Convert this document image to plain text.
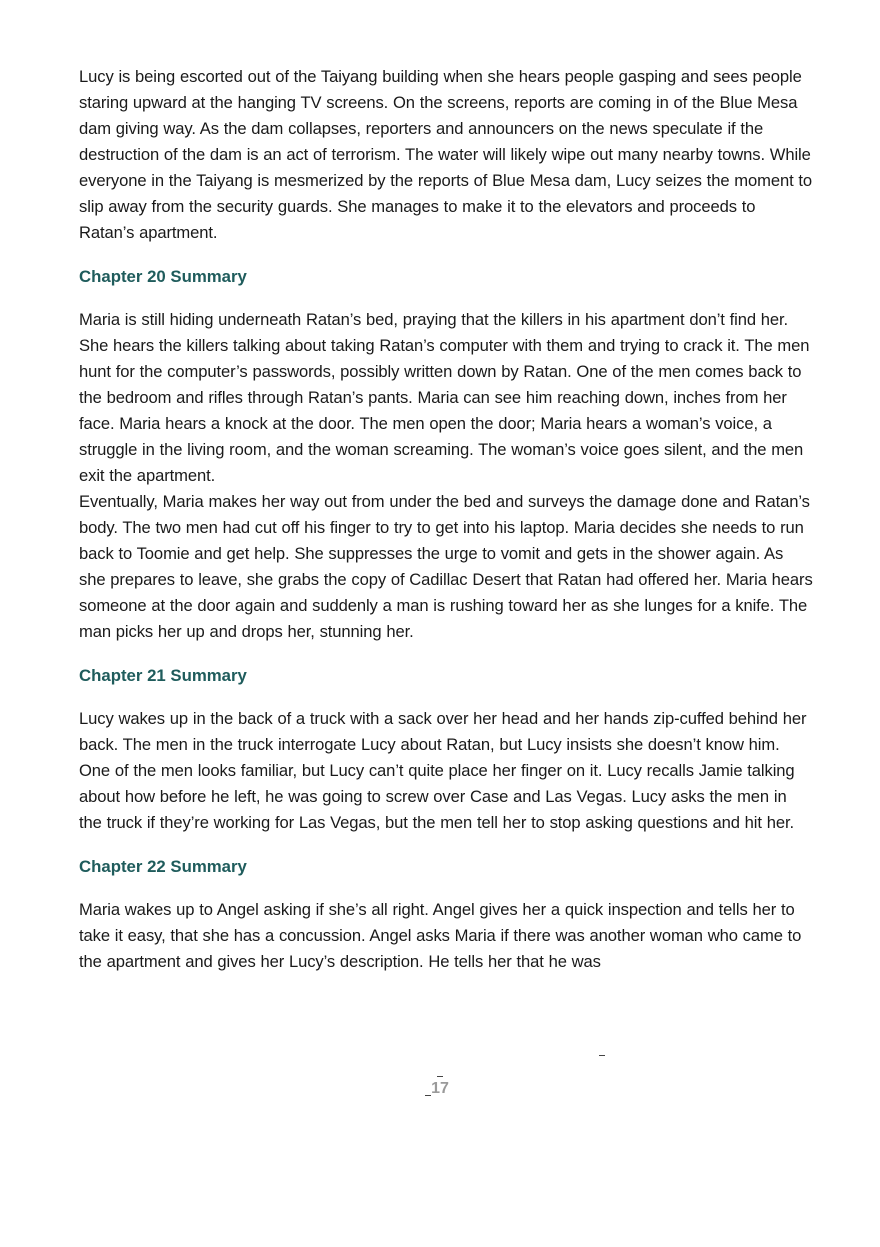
Lucy is being escorted out of the Taiyang building when she hears people gasping and sees people staring upward at the hanging TV screens. On the screens, reports are coming in of the Blue Mesa dam giving way. As the dam collapses, reporters and announcers on the news speculate if the destruction of the dam is an act of terrorism. The water will likely wipe out many nearby towns. While everyone in the Taiyang is mesmerized by the reports of Blue Mesa dam, Lucy seizes the moment to slip away from the security guards. She manages to make it to the elevators and proceeds to Ratan’s apartment.

Chapter 20 Summary

Maria is still hiding underneath Ratan’s bed, praying that the killers in his apartment don’t find her. She hears the killers talking about taking Ratan’s computer with them and trying to crack it. The men hunt for the computer’s passwords, possibly written down by Ratan. One of the men comes back to the bedroom and rifles through Ratan’s pants. Maria can see him reaching down, inches from her face. Maria hears a knock at the door. The men open the door; Maria hears a woman’s voice, a struggle in the living room, and the woman screaming. The woman’s voice goes silent, and the men exit the apartment.

Eventually, Maria makes her way out from under the bed and surveys the damage done and Ratan’s body. The two men had cut off his finger to try to get into his laptop. Maria decides she needs to run back to Toomie and get help. She suppresses the urge to vomit and gets in the shower again. As she prepares to leave, she grabs the copy of Cadillac Desert that Ratan had offered her. Maria hears someone at the door again and suddenly a man is rushing toward her as she lunges for a knife. The man picks her up and drops her, stunning her.

Chapter 21 Summary

Lucy wakes up in the back of a truck with a sack over her head and her hands zip-cuffed behind her back. The men in the truck interrogate Lucy about Ratan, but Lucy insists she doesn’t know him. One of the men looks familiar, but Lucy can’t quite place her finger on it. Lucy recalls Jamie talking about how before he left, he was going to screw over Case and Las Vegas. Lucy asks the men in the truck if they’re working for Las Vegas, but the men tell her to stop asking questions and hit her.

Chapter 22 Summary

Maria wakes up to Angel asking if she’s all right. Angel gives her a quick inspection and tells her to take it easy, that she has a concussion. Angel asks Maria if there was another woman who came to the apartment and gives her Lucy’s description. He tells her that he was

17
